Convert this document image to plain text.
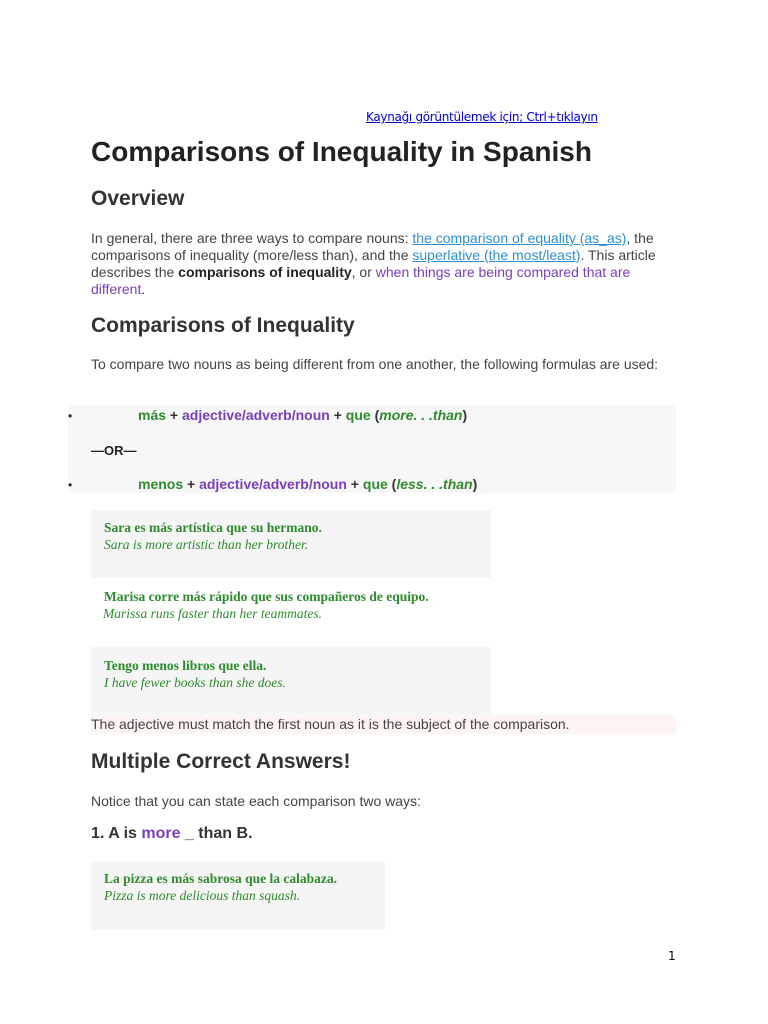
Kaynağı görüntülemek için; Ctrl+tıklayın
Comparisons of Inequality in Spanish
Overview

In general, there are three ways to compare nouns: the comparison of equality (as_as), the comparisons of inequality (more/less than), and the superlative (the most/least). This article describes the comparisons of inequality, or when things are being compared that are different.

Comparisons of Inequality

To compare two nouns as being different from one another, the following formulas are used:

•	más + adjective/adverb/noun + que (more. . .than)
—OR—
•	menos + adjective/adverb/noun + que (less. . .than)
Sara es más artística que su hermano.
Sara is more artistic than her brother.
Marisa corre más rápido que sus compañeros de equipo.
Marissa runs faster than her teammates.
Tengo menos libros que ella.
I have fewer books than she does.

The adjective must match the first noun as it is the subject of the comparison.

Multiple Correct Answers!

Notice that you can state each comparison two ways:

1. A is more _ than B.
La pizza es más sabrosa que la calabaza.
Pizza is more delicious than squash.
1
